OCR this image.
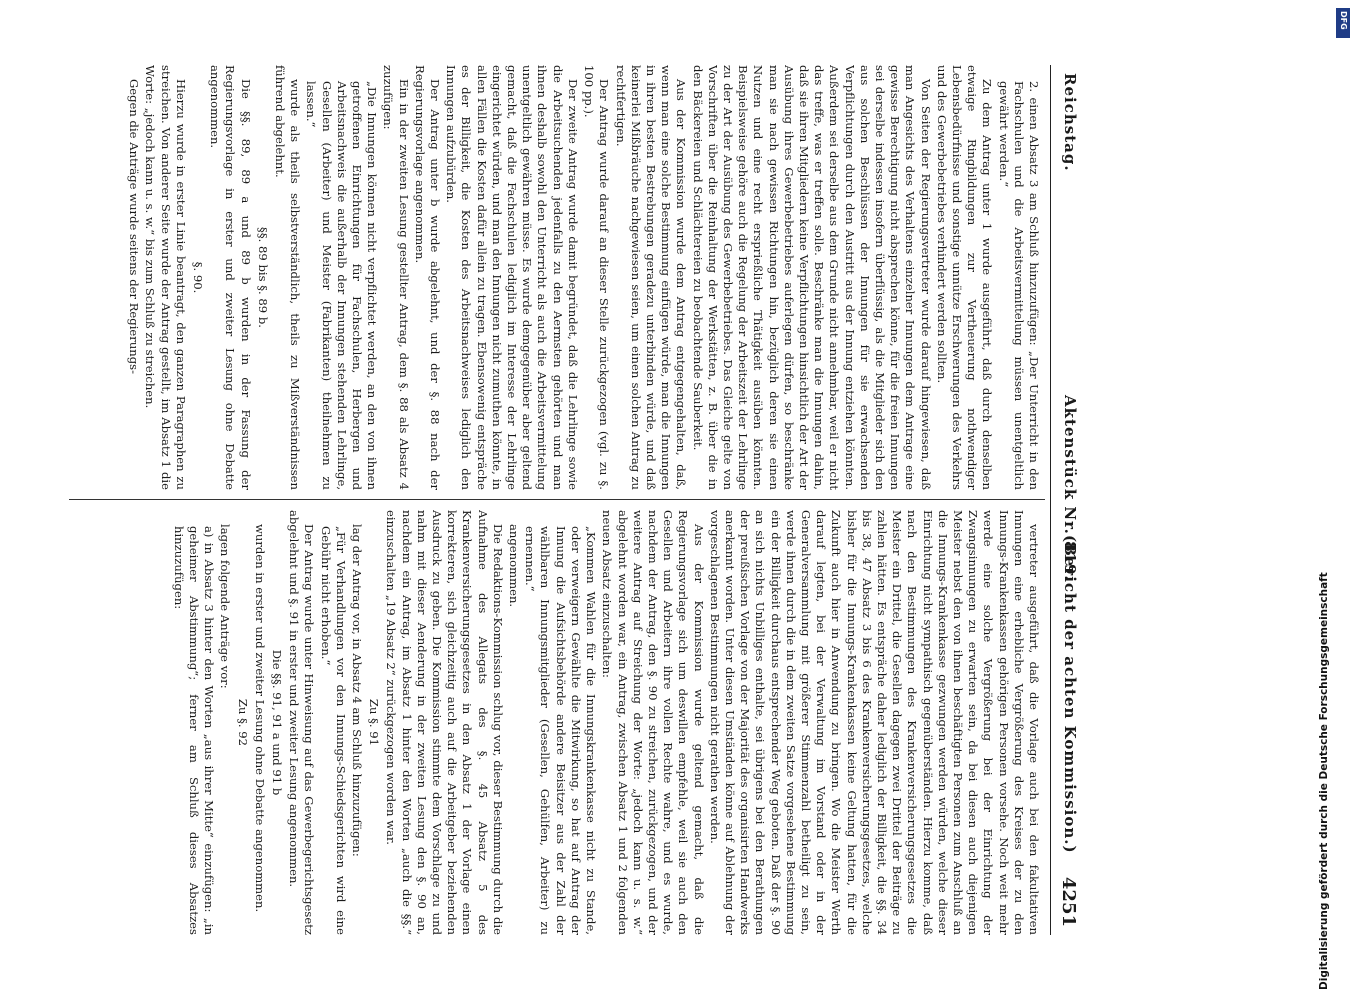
Reichstag.
Aktenstück Nr. 819.
(Bericht der achten Kommission.)
4251

2. einen Absatz 3 am Schluß hinzuzufügen: „Der Unterricht in den Fachschulen und die Arbeitsvermittelung müssen unentgeltlich gewährt werden.“

Zu dem Antrag unter 1 wurde ausgeführt, daß durch denselben etwaige Ringbildungen zur Vertheuerung nothwendiger Lebensbedürfnisse und sonstige unnütze Erschwerungen des Verkehrs und des Gewerbebetriebes verhindert werden sollten.

Von Seiten der Regierungsvertreter wurde darauf hingewiesen, daß man Angesichts des Verhaltens einzelner Innungen dem Antrage eine gewisse Berechtigung nicht absprechen könne, für die freien Innungen sei derselbe indessen insofern überflüssig, als die Mitglieder sich den aus solchen Beschlüssen der Innungen für sie erwachsenden Verpflichtungen durch den Austritt aus der Innung entziehen könnten. Außerdem sei derselbe aus dem Grunde nicht annehmbar, weil er nicht das treffe, was er treffen solle. Beschränke man die Innungen dahin, daß sie ihren Mitgliedern keine Verpflichtungen hinsichtlich der Art der Ausübung ihres Gewerbebetriebes auferlegen dürfen, so beschränke man sie nach gewissen Richtungen hin, bezüglich deren sie einen Nutzen und eine recht ersprießliche Thätigkeit ausüben könnten. Beispielsweise gehöre auch die Regelung der Arbeitszeit der Lehrlinge zu der Art der Ausübung des Gewerbebetriebes. Das Gleiche gelte von Vorschriften über die Reinhaltung der Werkstätten, z. B. über die in den Bäckereien und Schlächtereien zu beobachtende Sauberkeit.

Aus der Kommission wurde dem Antrag entgegengehalten, daß, wenn man eine solche Bestimmung einfügen würde, man die Innungen in ihren besten Bestrebungen geradezu unterbinden würde, und daß keinerlei Mißbräuche nachgewiesen seien, um einen solchen Antrag zu rechtfertigen.

Der Antrag wurde darauf an dieser Stelle zurückgezogen (vgl. zu §. 100 pp.).

Der zweite Antrag wurde damit begründet, daß die Lehrlinge sowie die Arbeitsuchenden jedenfalls zu den Aermsten gehörten und man ihnen deshalb sowohl den Unterricht als auch die Arbeitsvermittelung unentgeltlich gewähren müsse. Es wurde demgegenüber aber geltend gemacht, daß die Fachschulen lediglich im Interesse der Lehrlinge eingerichtet würden, und man den Innungen nicht zumuthen könnte, in allen Fällen die Kosten dafür allein zu tragen. Ebensowenig entspräche es der Billigkeit, die Kosten des Arbeitsnachweises lediglich den Innungen aufzubürden.

Der Antrag unter b wurde abgelehnt, und der §. 88 nach der Regierungsvorlage angenommen.

Ein in der zweiten Lesung gestellter Antrag, dem §. 88 als Absatz 4 zuzufügen:

„Die Innungen können nicht verpflichtet werden, an den von ihnen getroffenen Einrichtungen für Fachschulen, Herbergen und Arbeitsnachweis die außerhalb der Innungen stehenden Lehrlinge, Gesellen (Arbeiter) und Meister (Fabrikanten) theilnehmen zu lassen.“

wurde als theils selbstverständlich, theils zu Mißverständnissen führend abgelehnt.

§§. 89 bis §. 89 b.

Die §§. 89, 89 a und 89 b wurden in der Fassung der Regierungsvorlage in erster und zweiter Lesung ohne Debatte angenommen.

§. 90.

Hierzu wurde in erster Linie beantragt, den ganzen Paragraphen zu streichen. Von anderer Seite wurde der Antrag gestellt, im Absatz 1 die Worte: „jedoch kann u. s. w.“ bis zum Schluß zu streichen.

Gegen die Anträge wurde seitens der Regierungs-

vertreter ausgeführt, daß die Vorlage auch bei den fakultativen Innungen eine erhebliche Vergrößerung des Kreises der zu den Innungs-Krankenkassen gehörigen Personen vorsehe. Noch weit mehr werde eine solche Vergrößerung bei der Einrichtung der Zwangsinnungen zu erwarten sein, da bei diesen auch diejenigen Meister nebst den von ihnen beschäftigten Personen zum Anschluß an die Innungs-Krankenkasse gezwungen werden würden, welche dieser Einrichtung nicht sympathisch gegenüberständen. Hierzu komme, daß nach den Bestimmungen des Krankenversicherungsgesetzes die Meister ein Drittel, die Gesellen dagegen zwei Drittel der Beiträge zu zahlen hätten. Es entspräche daher lediglich der Billigkeit, die §§. 34 bis 38, 47 Absatz 3 bis 6 des Krankenversicherungsgesetzes, welche bisher für die Innungs-Krankenkassen keine Geltung hatten, für die Zukunft auch hier in Anwendung zu bringen. Wo die Meister Werth darauf legten, bei der Verwaltung im Vorstand oder in der Generalversammlung mit größerer Stimmenzahl betheiligt zu sein, werde ihnen durch die in dem zweiten Satze vorgesehene Bestimmung ein der Billigkeit durchaus entsprechender Weg geboten. Daß der §. 90 an sich nichts Unbilliges enthalte, sei übrigens bei den Berathungen der preußischen Vorlage von der Majorität des organisirten Handwerks anerkannt worden. Unter diesen Umständen könne auf Ablehnung der vorgeschlagenen Bestimmungen nicht gerathen werden.

Aus der Kommission wurde geltend gemacht, daß die Regierungsvorlage sich um deswillen empfehle, weil sie auch den Gesellen und Arbeitern ihre vollen Rechte wahre, und es wurde, nachdem der Antrag, den §. 90 zu streichen, zurückgezogen, und der weitere Antrag auf Streichung der Worte: „jedoch kann u. s. w.“ abgelehnt worden war, ein Antrag, zwischen Absatz 1 und 2 folgenden neuen Absatz einzuschalten:

„Kommen Wahlen für die Innungskrankenkasse nicht zu Stande, oder verweigern Gewählte die Mitwirkung, so hat auf Antrag der Innung die Aufsichtsbehörde andere Beisitzer aus der Zahl der wählbaren Innungsmitglieder (Gesellen, Gehülfen, Arbeiter) zu ernennen.“

angenommen.

Die Redaktions-Kommission schlug vor, dieser Bestimmung durch die Aufnahme des Allegats des §. 45 Absatz 5 des Krankenversicherungsgesetzes in den Absatz 1 der Vorlage einen korrekteren, sich gleichzeitig auch auf die Arbeitgeber beziehenden Ausdruck zu geben. Die Kommission stimmte dem Vorschlage zu und nahm mit dieser Aenderung in der zweiten Lesung den §. 90 an, nachdem ein Antrag, im Absatz 1 hinter den Worten „auch die §§.“ einzuschalten „19 Absatz 2“ zurückgezogen worden war.

Zu §. 91

lag der Antrag vor, in Absatz 4 am Schluß hinzuzufügen:

„Für Verhandlungen vor den Innungs-Schiedsgerichten wird eine Gebühr nicht erhoben.“

Der Antrag wurde unter Hinweisung auf das Gewerbegerichtsgesetz abgelehnt und §. 91 in erster und zweiter Lesung angenommen.

Die §§. 91, 91 a und 91 b

wurden in erster und zweiter Lesung ohne Debatte angenommen.

Zu §. 92

lagen folgende Anträge vor:

a) in Absatz 3 hinter den Worten „aus ihrer Mitte“ einzufügen: „in geheimer Abstimmung“; ferner am Schluß dieses Absatzes hinzuzufügen:

Digitalisierung gefördert durch die Deutsche Forschungsgemeinschaft
DFG
